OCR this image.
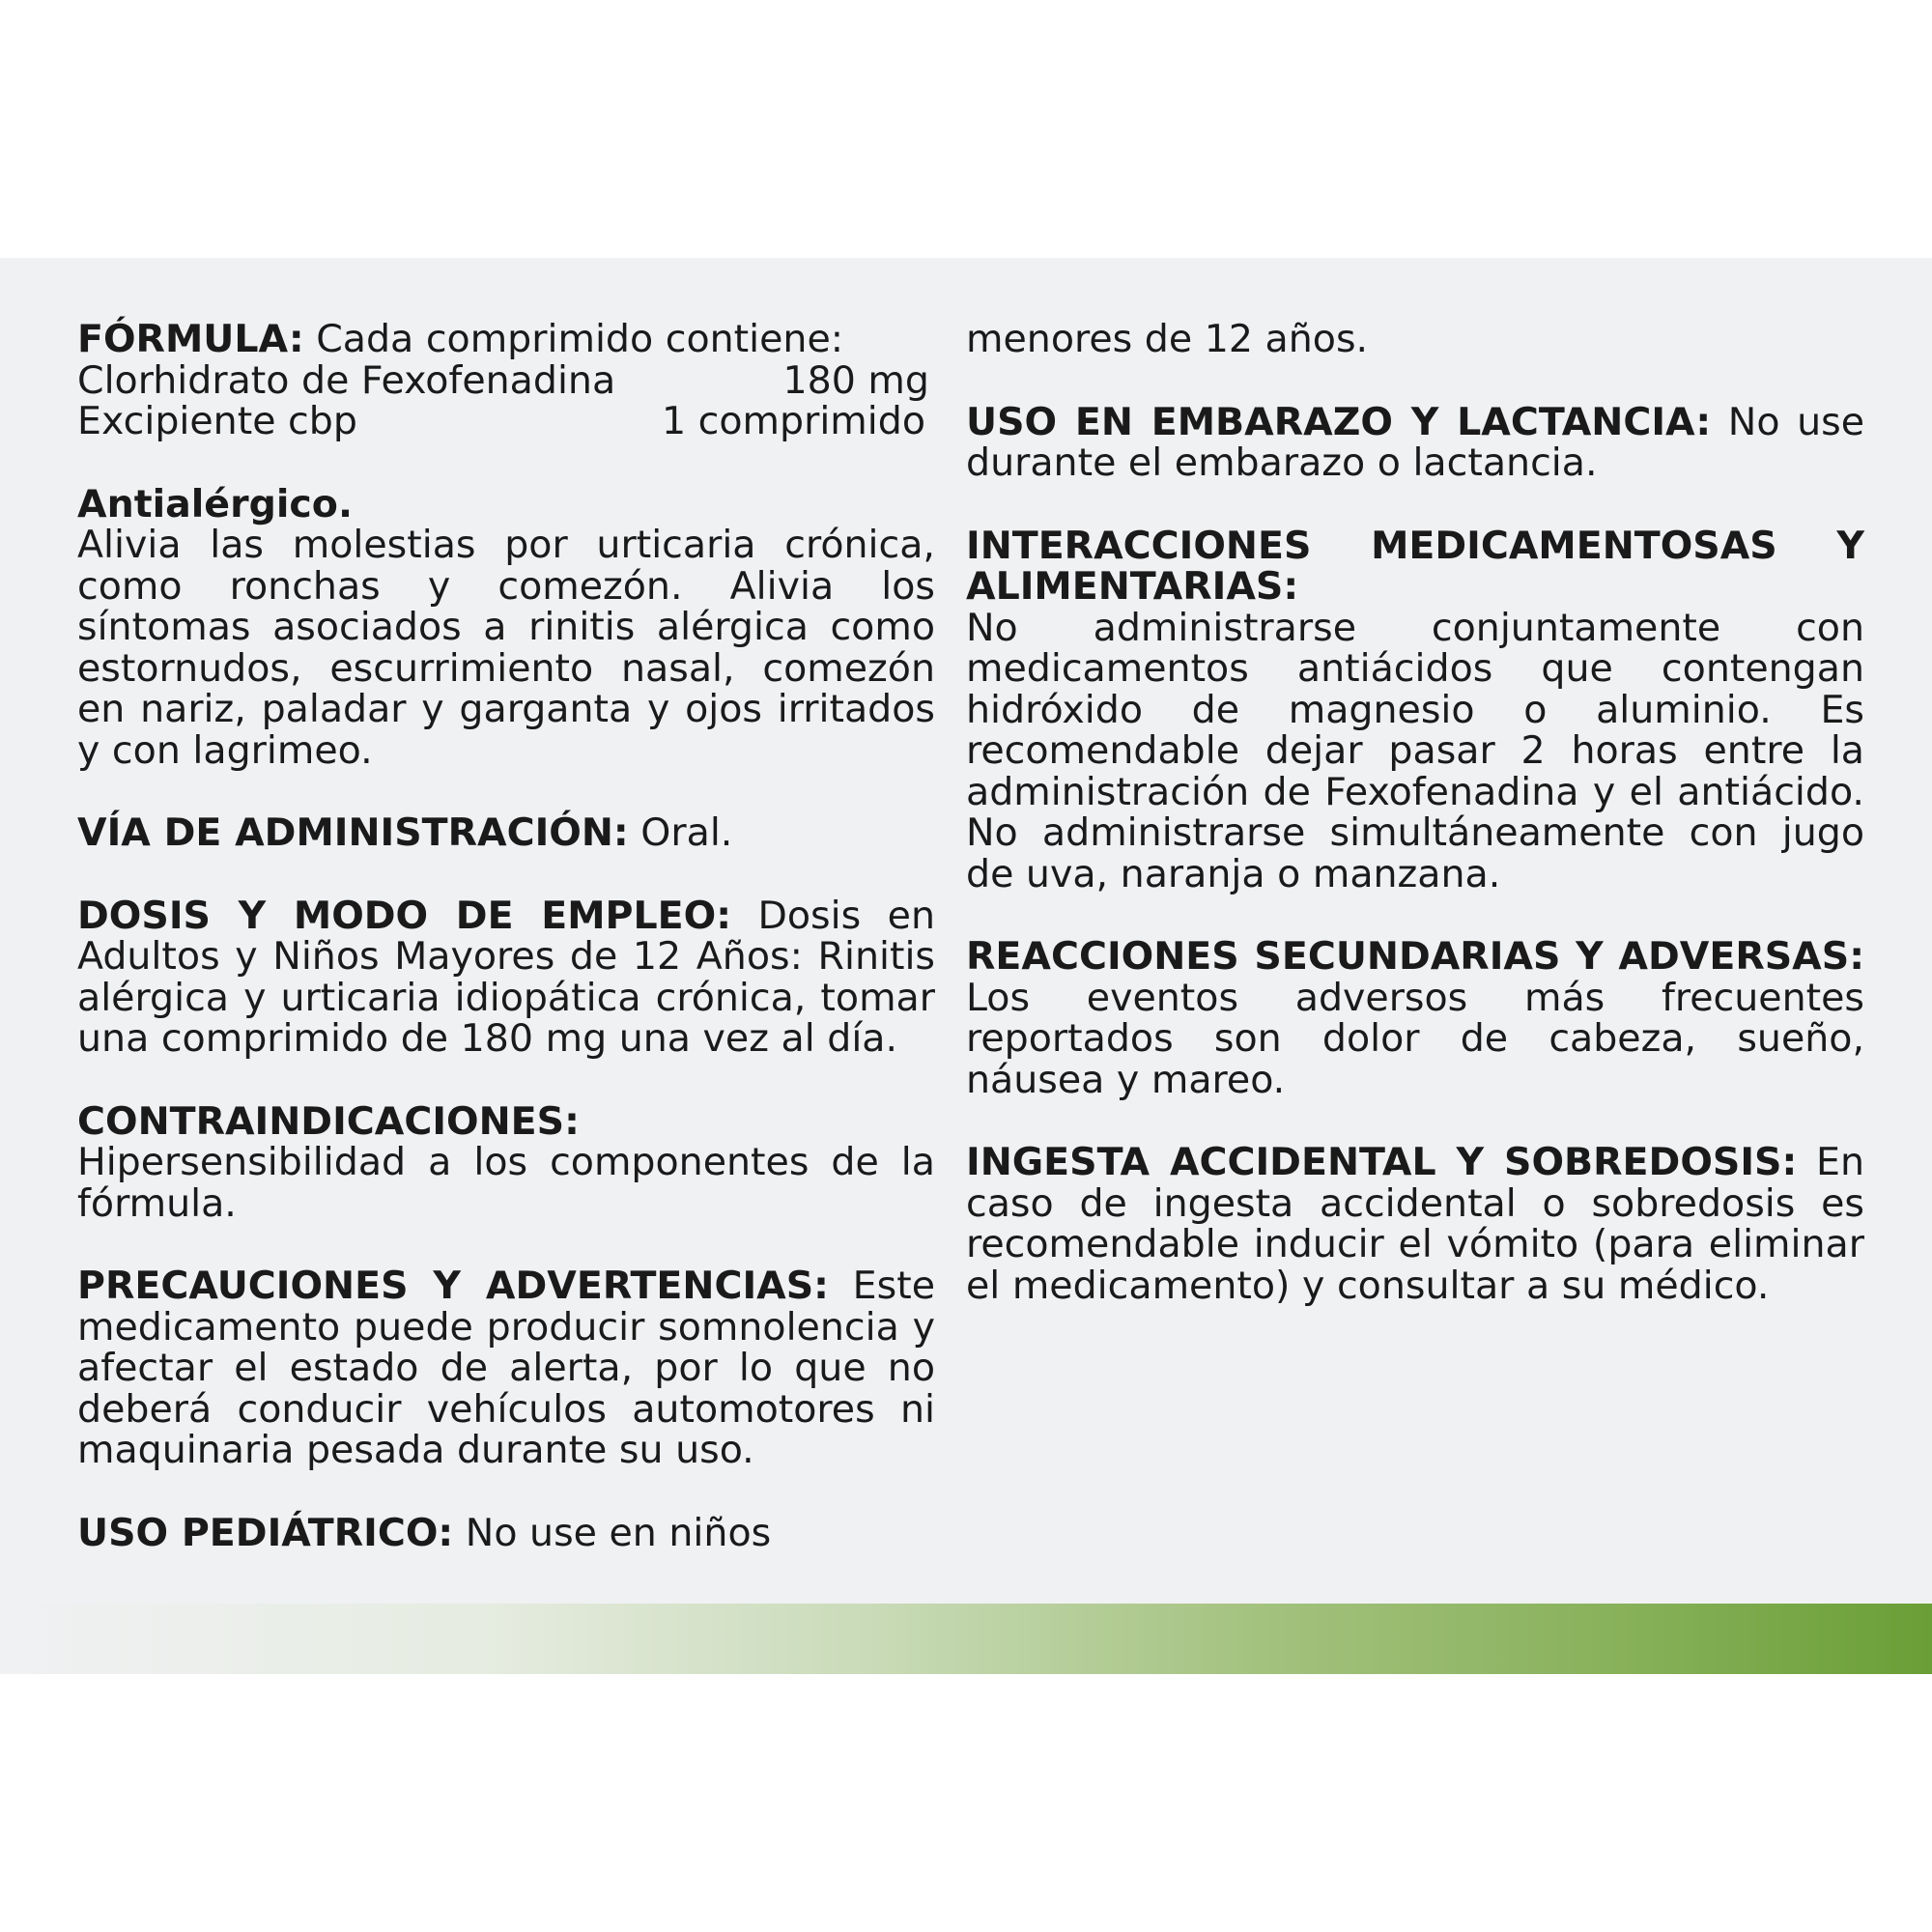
FÓRMULA: Cada comprimido contiene:
Clorhidrato de Fexofenadina	180 mg
Excipiente cbp	1 comprimido

Antialérgico.
Alivia las molestias por urticaria crónica, como ronchas y comezón. Alivia los síntomas asociados a rinitis alérgica como estornudos, escurrimiento nasal, comezón en nariz, paladar y garganta y ojos irritados y con lagrimeo.

VÍA DE ADMINISTRACIÓN: Oral.

DOSIS Y MODO DE EMPLEO: Dosis en Adultos y Niños Mayores de 12 Años: Rinitis alérgica y urticaria idiopática crónica, tomar una comprimido de 180 mg una vez al día.

CONTRAINDICACIONES:
Hipersensibilidad a los componentes de la fórmula.

PRECAUCIONES Y ADVERTENCIAS: Este medicamento puede producir somnolencia y afectar el estado de alerta, por lo que no deberá conducir vehículos automotores ni maquinaria pesada durante su uso.

USO PEDIÁTRICO: No use en niños

menores de 12 años.

USO EN EMBARAZO Y LACTANCIA: No use durante el embarazo o lactancia.

INTERACCIONES MEDICAMENTOSAS Y ALIMENTARIAS:
No administrarse conjuntamente con medicamentos antiácidos que contengan hidróxido de magnesio o aluminio. Es recomendable dejar pasar 2 horas entre la administración de Fexofenadina y el antiácido. No administrarse simultáneamente con jugo de uva, naranja o manzana.

REACCIONES SECUNDARIAS Y ADVERSAS: Los eventos adversos más frecuentes reportados son dolor de cabeza, sueño, náusea y mareo.

INGESTA ACCIDENTAL Y SOBREDOSIS: En caso de ingesta accidental o sobredosis es recomendable inducir el vómito (para eliminar el medicamento) y consultar a su médico.
